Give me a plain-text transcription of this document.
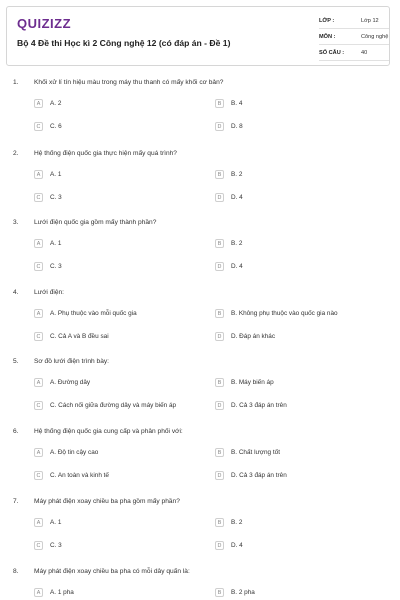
QUIZIZZ
Bộ 4 Đề thi Học kì 2 Công nghệ 12 (có đáp án - Đề 1)
LỚP :	Lớp 12
MÔN :	Công nghệ
SỐ CÂU :	40
1. Khối xử lí tín hiệu màu trong máy thu thanh có mấy khối cơ bản?
A	A. 2	B	B. 4
C	C. 6	D	D. 8
2. Hệ thống điện quốc gia thực hiện mấy quá trình?
A	A. 1	B	B. 2
C	C. 3	D	D. 4
3. Lưới điện quốc gia gồm mấy thành phần?
A	A. 1	B	B. 2
C	C. 3	D	D. 4
4. Lưới điện:
A	A. Phụ thuộc vào mỗi quốc gia	B	B. Không phụ thuộc vào quốc gia nào
C	C. Cả A và B đều sai	D	D. Đáp án khác
5. Sơ đồ lưới điện trình bày:
A	A. Đường dây	B	B. Máy biến áp
C	C. Cách nối giữa đường dây và máy biến áp	D	D. Cả 3 đáp án trên
6. Hệ thống điện quốc gia cung cấp và phân phối với:
A	A. Độ tin cậy cao	B	B. Chất lượng tốt
C	C. An toàn và kinh tế	D	D. Cả 3 đáp án trên
7. Máy phát điện xoay chiều ba pha gồm mấy phần?
A	A. 1	B	B. 2
C	C. 3	D	D. 4
8. Máy phát điện xoay chiều ba pha có mỗi dây quấn là:
A	A. 1 pha	B	B. 2 pha
